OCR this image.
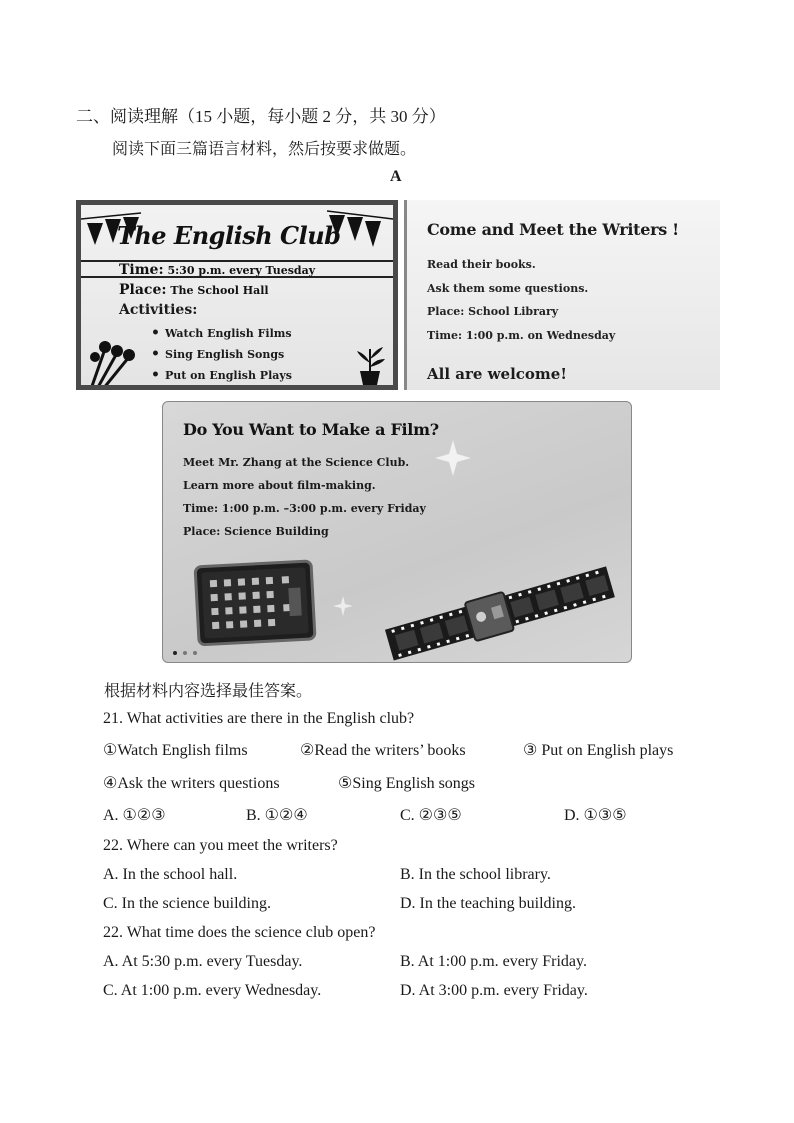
二、阅读理解（15 小题，每小题 2 分，共 30 分）
阅读下面三篇语言材料，然后按要求做题。
A
The English Club
Time: 5:30 p.m. every Tuesday
Place: The School Hall
Activities:
• Watch English Films
• Sing English Songs
• Put on English Plays
Come and Meet the Writers !
Read their books.
Ask them some questions.
Place: School Library
Time: 1:00 p.m. on Wednesday
All are welcome!
Do You Want to Make a Film?
Meet Mr. Zhang at the Science Club.
Learn more about film-making.
Time: 1:00 p.m. –3:00 p.m. every Friday
Place: Science Building
根据材料内容选择最佳答案。
21. What activities are there in the English club?
①Watch English films	②Read the writers’ books	③ Put on English plays
④Ask the writers questions	⑤Sing English songs
A. ①②③	B. ①②④	C. ②③⑤	D. ①③⑤
22. Where can you meet the writers?
A. In the school hall.	B. In the school library.
C. In the science building.	D. In the teaching building.
22. What time does the science club open?
A. At 5:30 p.m. every Tuesday.	B. At 1:00 p.m. every Friday.
C. At 1:00 p.m. every Wednesday.	D. At 3:00 p.m. every Friday.
